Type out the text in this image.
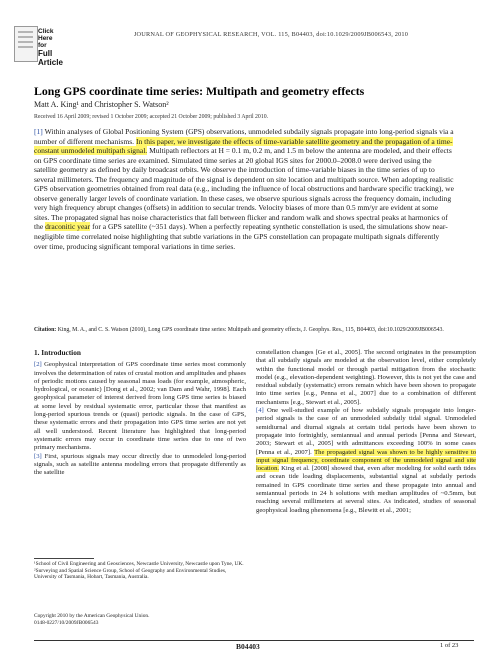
Click
Here
for
Full
Article
JOURNAL OF GEOPHYSICAL RESEARCH, VOL. 115, B04403, doi:10.1029/2009JB006543, 2010
Long GPS coordinate time series: Multipath and geometry effects
Matt A. King¹ and Christopher S. Watson²
Received 16 April 2009; revised 1 October 2009; accepted 21 October 2009; published 3 April 2010.
[1] Within analyses of Global Positioning System (GPS) observations, unmodeled subdaily signals propagate into long-period signals via a number of different mechanisms. In this paper, we investigate the effects of time-variable satellite geometry and the propagation of a time-constant unmodeled multipath signal. Multipath reflectors at H = 0.1 m, 0.2 m, and 1.5 m below the antenna are modeled, and their effects on GPS coordinate time series are examined. Simulated time series at 20 global IGS sites for 2000.0–2008.0 were derived using the satellite geometry as defined by daily broadcast orbits. We observe the introduction of time-variable biases in the time series of up to several millimeters. The frequency and magnitude of the signal is dependent on site location and multipath source. When adopting realistic GPS observation geometries obtained from real data (e.g., including the influence of local obstructions and hardware specific tracking), we observe generally larger levels of coordinate variation. In these cases, we observe spurious signals across the frequency domain, including very high frequency abrupt changes (offsets) in addition to secular trends. Velocity biases of more than 0.5 mm/yr are evident at some sites. The propagated signal has noise characteristics that fall between flicker and random walk and shows spectral peaks at harmonics of the draconitic year for a GPS satellite (~351 days). When a perfectly repeating synthetic constellation is used, the simulations show near-negligible time correlated noise highlighting that subtle variations in the GPS constellation can propagate multipath signals differently over time, producing significant temporal variations in time series.
Citation: King, M. A., and C. S. Watson (2010), Long GPS coordinate time series: Multipath and geometry effects, J. Geophys. Res., 115, B04403, doi:10.1029/2009JB006543.
1. Introduction

[2] Geophysical interpretation of GPS coordinate time series most commonly involves the determination of rates of crustal motion and amplitudes and phases of periodic motions caused by seasonal mass loads (for example, atmospheric, hydrological, or oceanic) [Dong et al., 2002; van Dam and Wahr, 1998]. Each geophysical parameter of interest derived from long GPS time series is biased at some level by residual systematic error, particular those that manifest as long-period spurious trends or (quasi) periodic signals. In the case of GPS, these systematic errors and their propagation into GPS time series are not yet all well understood. Recent literature has highlighted that long-period systematic errors may occur in coordinate time series due to one of two primary mechanisms.

[3] First, spurious signals may occur directly due to unmodeled long-period signals, such as satellite antenna modeling errors that propagate differently as the satellite

constellation changes [Ge et al., 2005]. The second originates in the presumption that all subdaily signals are modeled at the observation level, either completely within the functional model or through partial mitigation from the stochastic model (e.g., elevation-dependent weighting). However, this is not yet the case and residual subdaily (systematic) errors remain which have been shown to propagate into time series [e.g., Penna et al., 2007] due to a combination of different mechanisms [e.g., Stewart et al., 2005].

[4] One well-studied example of how subdaily signals propagate into longer-period signals is the case of an unmodeled subdaily tidal signal. Unmodeled semidiurnal and diurnal signals at certain tidal periods have been shown to propagate into fortnightly, semiannual and annual periods [Penna and Stewart, 2003; Stewart et al., 2005] with admittances exceeding 100% in some cases [Penna et al., 2007]. The propagated signal was shown to be highly sensitive to input signal frequency, coordinate component of the unmodeled signal and site location. King et al. [2008] showed that, even after modeling for solid earth tides and ocean tide loading displacements, substantial signal at subdaily periods remained in GPS coordinate time series and these propagate into annual and semiannual periods in 24 h solutions with median amplitudes of ~0.5mm, but reaching several millimeters at several sites. As indicated, studies of seasonal geophysical loading phenomena [e.g., Blewitt et al., 2001;

¹School of Civil Engineering and Geosciences, Newcastle University, Newcastle upon Tyne, UK.
²Surveying and Spatial Science Group, School of Geography and Environmental Studies, University of Tasmania, Hobart, Tasmania, Australia.
Copyright 2010 by the American Geophysical Union.
0148-0227/10/2009JB006543
B04403	1 of 23
